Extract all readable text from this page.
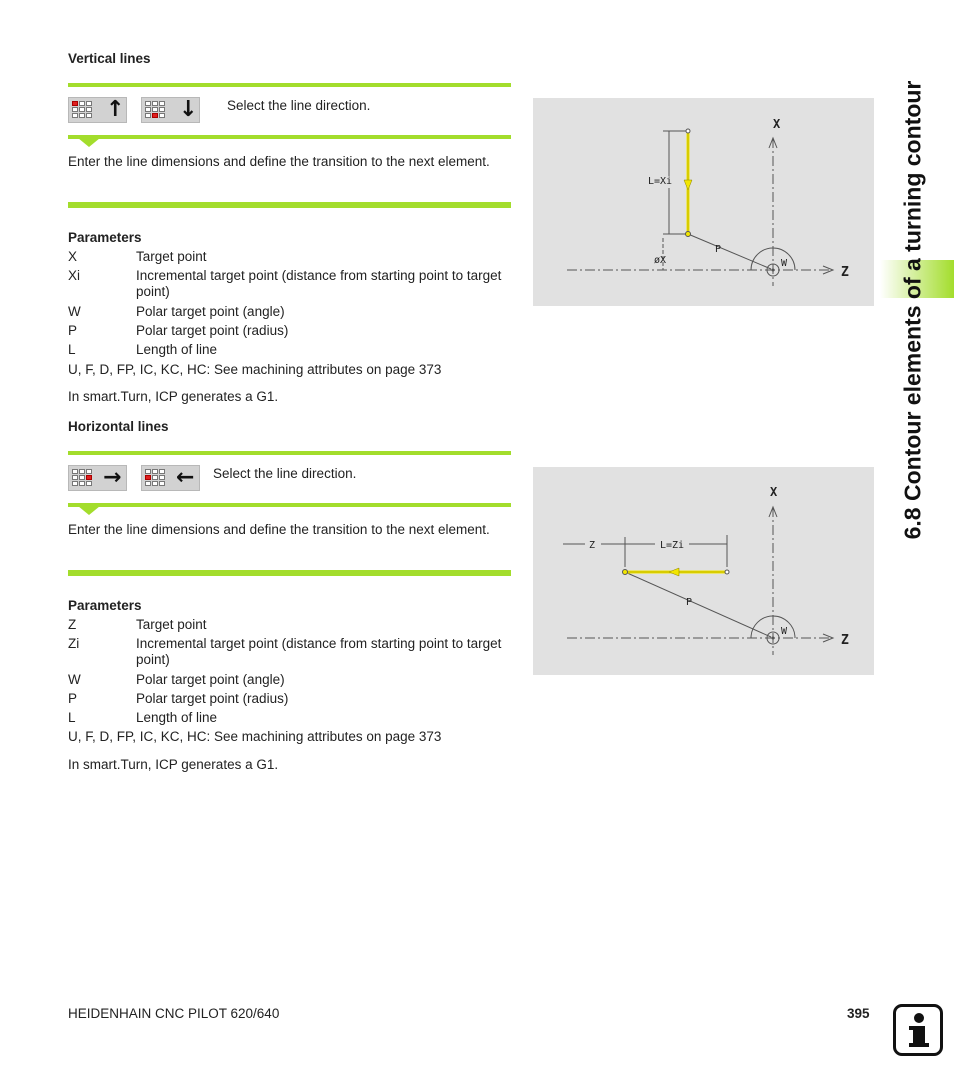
6.8 Contour elements of a turning contour
Vertical lines
↑ ↓ Select the line direction.
Enter the line dimensions and define the transition to the next element.
Parameters
X	Target point
Xi	Incremental target point (distance from starting point to target point)
W	Polar target point (angle)
P	Polar target point (radius)
L	Length of line
U, F, D, FP, IC, KC, HC: See machining attributes on page 373
In smart.Turn, ICP generates a G1.
X
Z
L=Xi
øX
P
W
Horizontal lines
→ ← Select the line direction.
Enter the line dimensions and define the transition to the next element.
Parameters
Z	Target point
Zi	Incremental target point (distance from starting point to target point)
W	Polar target point (angle)
P	Polar target point (radius)
L	Length of line
U, F, D, FP, IC, KC, HC: See machining attributes on page 373
In smart.Turn, ICP generates a G1.
X
Z
L=Zi
Z
P
W
HEIDENHAIN CNC PILOT 620/640	395
